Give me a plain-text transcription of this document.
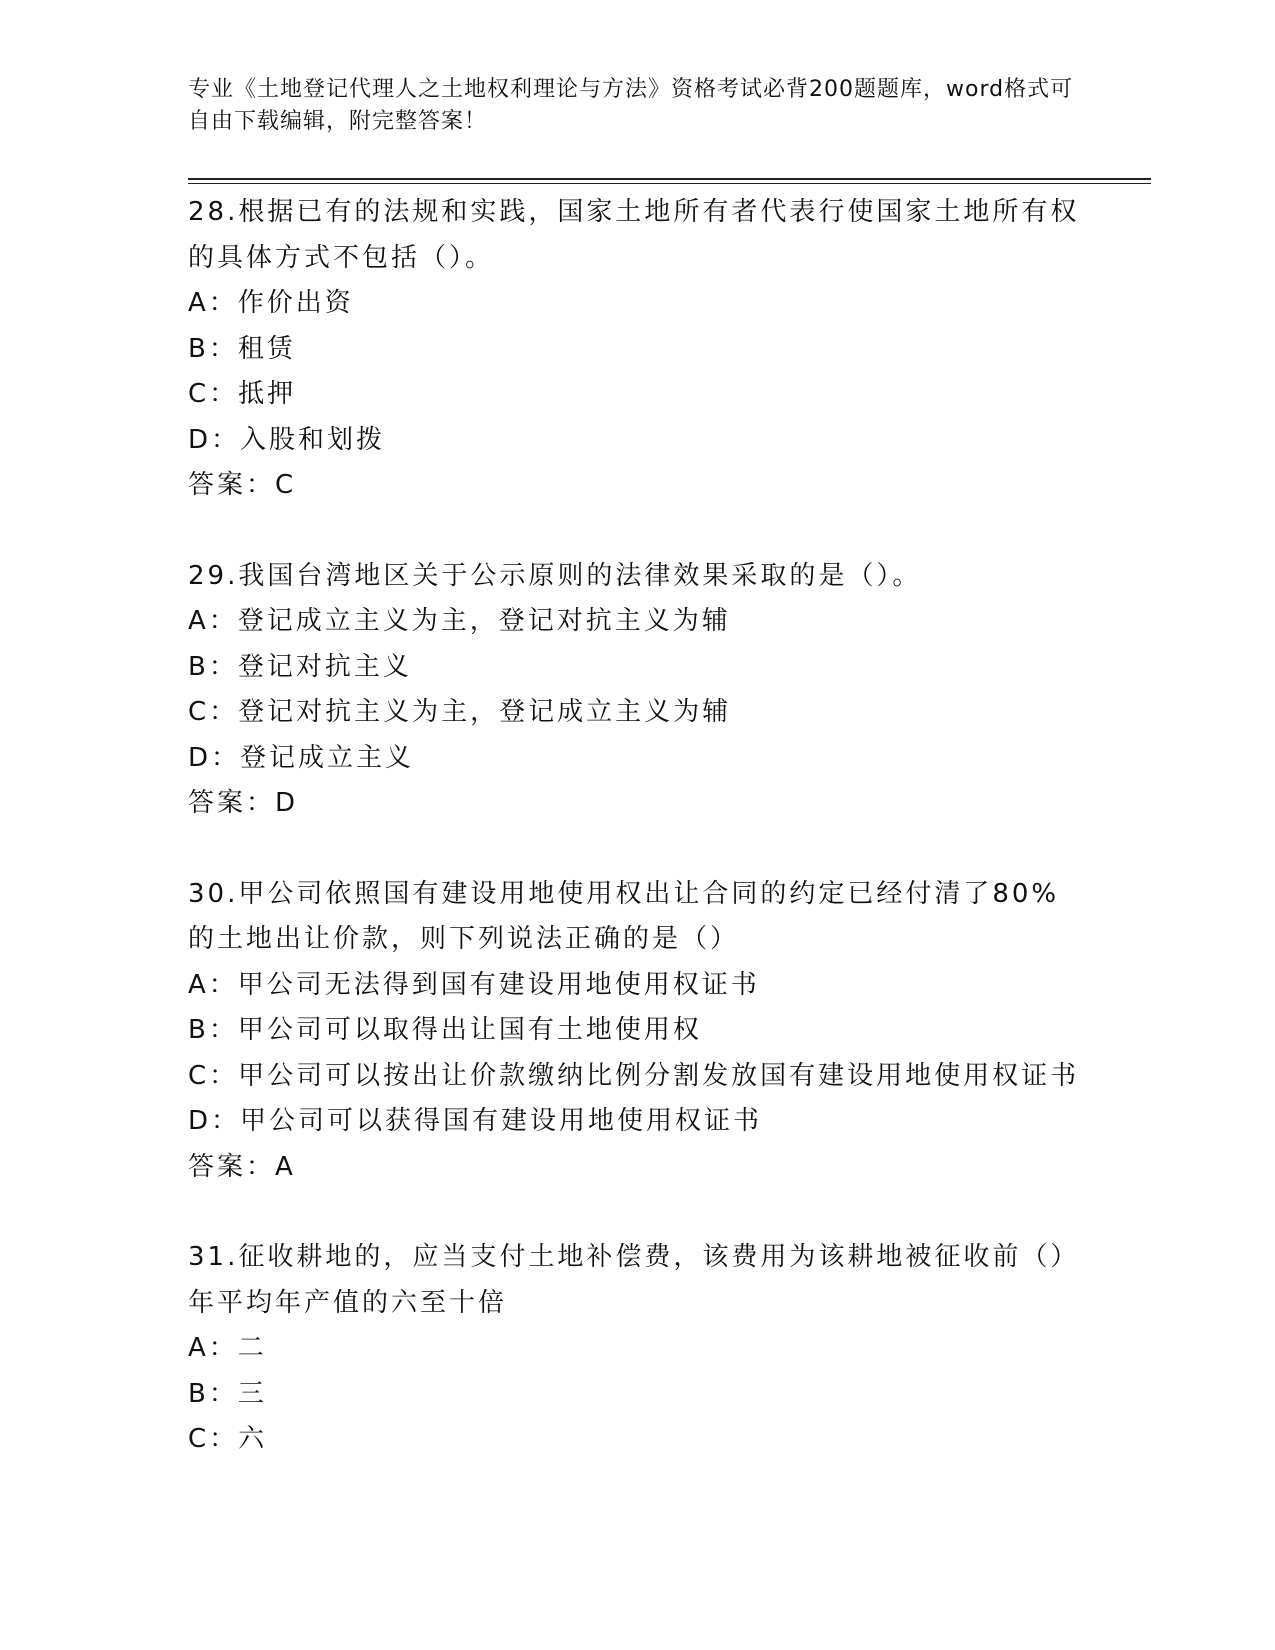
专业《土地登记代理人之土地权利理论与方法》资格考试必背200题题库，word格式可自由下载编辑，附完整答案！
28.根据已有的法规和实践，国家土地所有者代表行使国家土地所有权的具体方式不包括（）。
A：作价出资
B：租赁
C：抵押
D：入股和划拨
答案：C
29.我国台湾地区关于公示原则的法律效果采取的是（）。
A：登记成立主义为主，登记对抗主义为辅
B：登记对抗主义
C：登记对抗主义为主，登记成立主义为辅
D：登记成立主义
答案：D
30.甲公司依照国有建设用地使用权出让合同的约定已经付清了80%的土地出让价款，则下列说法正确的是（）
A：甲公司无法得到国有建设用地使用权证书
B：甲公司可以取得出让国有土地使用权
C：甲公司可以按出让价款缴纳比例分割发放国有建设用地使用权证书
D：甲公司可以获得国有建设用地使用权证书
答案：A
31.征收耕地的，应当支付土地补偿费，该费用为该耕地被征收前（）年平均年产值的六至十倍
A：二
B：三
C：六
